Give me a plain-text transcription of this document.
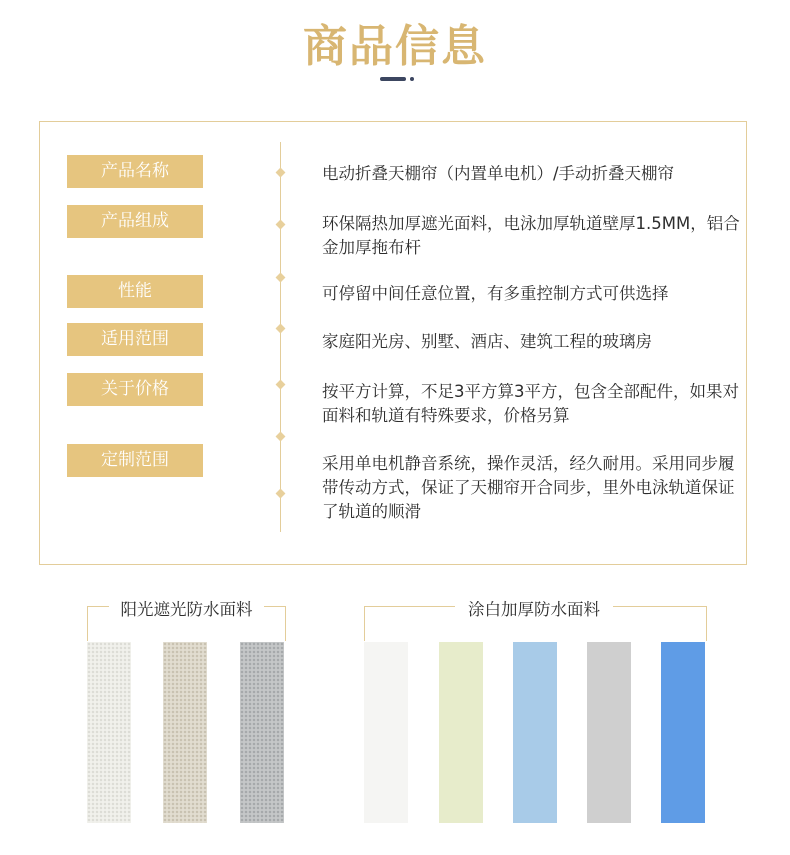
商品信息
产品名称	电动折叠天棚帘（内置单电机）/手动折叠天棚帘
产品组成	环保隔热加厚遮光面料，电泳加厚轨道壁厚1.5MM，铝合金加厚拖布杆
性能	可停留中间任意位置，有多重控制方式可供选择
适用范围	家庭阳光房、别墅、酒店、建筑工程的玻璃房
关于价格	按平方计算，不足3平方算3平方，包含全部配件，如果对面料和轨道有特殊要求，价格另算
定制范围	采用单电机静音系统，操作灵活，经久耐用。采用同步履带传动方式，保证了天棚帘开合同步，里外电泳轨道保证了轨道的顺滑
阳光遮光防水面料	涂白加厚防水面料
